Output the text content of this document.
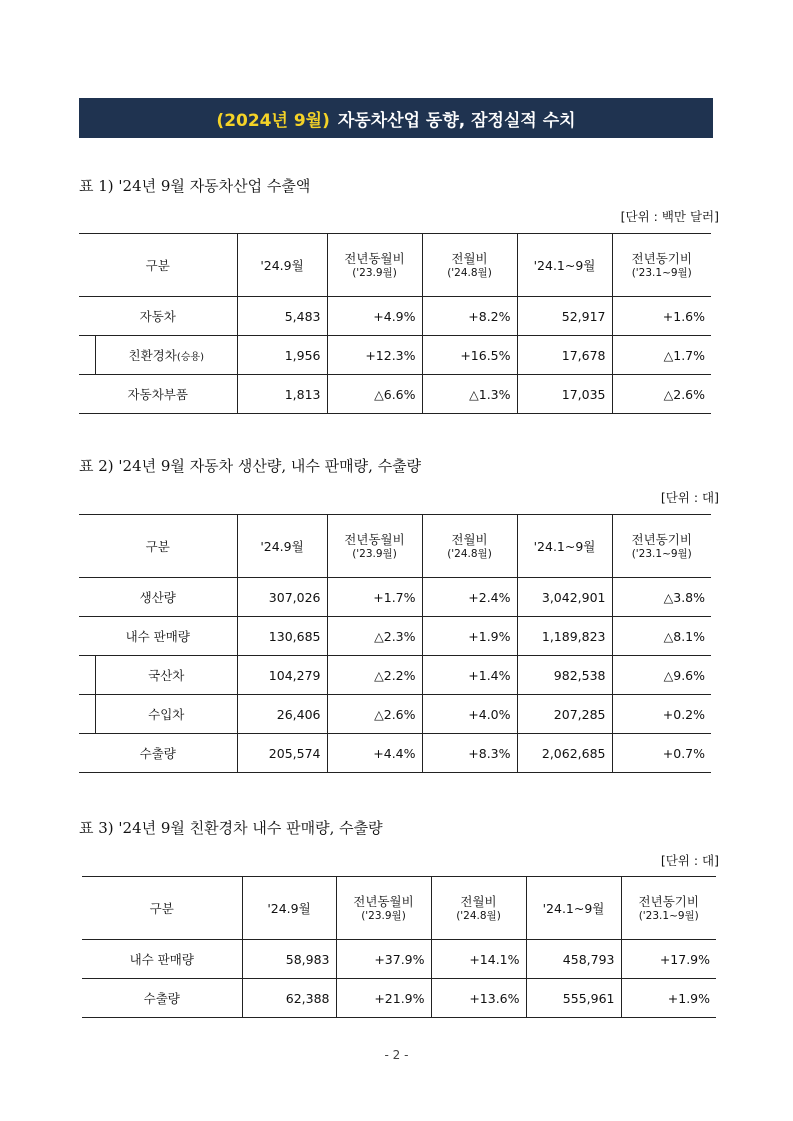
(2024년 9월) 자동차산업 동향, 잠정실적 수치
표 1) '24년 9월 자동차산업 수출액
[단위 : 백만 달러]
구분	'24.9월	전년동월비
('23.9월)	전월비
('24.8월)	'24.1~9월	전년동기비
('23.1~9월)

자동차	5,483	+4.9%	+8.2%	52,917	+1.6%

친환경차 (승용)	1,956	+12.3%	+16.5%	17,678	△1.7%
자동차부품	1,813	△6.6%	△1.3%	17,035	△2.6%
표 2) '24년 9월 자동차 생산량, 내수 판매량, 수출량
[단위 : 대]
구분	'24.9월	전년동월비
('23.9월)	전월비
('24.8월)	'24.1~9월	전년동기비
('23.1~9월)

생산량	307,026	+1.7%	+2.4%	3,042,901	△3.8%
내수 판매량	130,685	△2.3%	+1.9%	1,189,823	△8.1%

국산차	104,279	△2.2%	+1.4%	982,538	△9.6%

수입차	26,406	△2.6%	+4.0%	207,285	+0.2%
수출량	205,574	+4.4%	+8.3%	2,062,685	+0.7%
표 3) '24년 9월 친환경차 내수 판매량, 수출량
[단위 : 대]
구분	'24.9월	전년동월비
('23.9월)	전월비
('24.8월)	'24.1~9월	전년동기비
('23.1~9월)

내수 판매량	58,983	+37.9%	+14.1%	458,793	+17.9%
수출량	62,388	+21.9%	+13.6%	555,961	+1.9%
- 2 -
